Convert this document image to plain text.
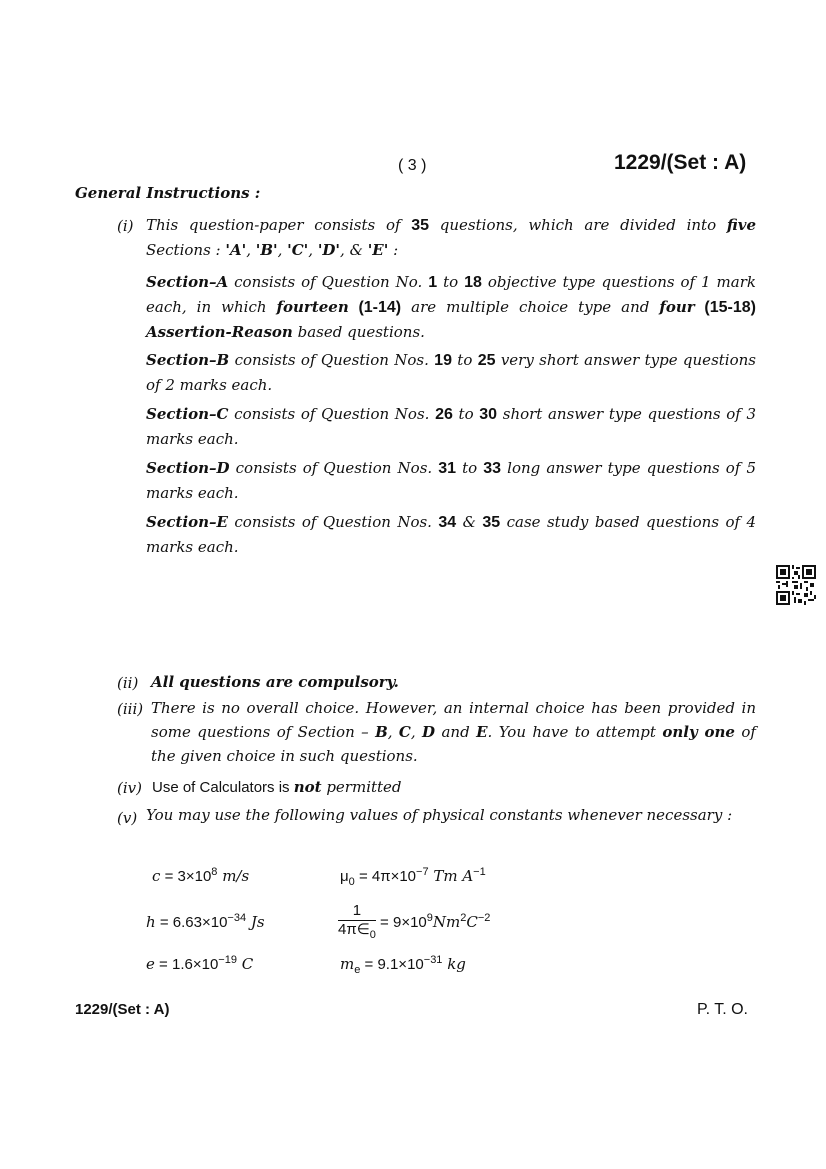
( 3 )	1229/(Set : A)
General Instructions :
(i) This question-paper consists of 35 questions, which are divided into five Sections : 'A', 'B', 'C', 'D', & 'E' :
Section–A consists of Question No. 1 to 18 objective type questions of 1 mark each, in which fourteen (1-14) are multiple choice type and four (15-18) Assertion-Reason based questions.
Section–B consists of Question Nos. 19 to 25 very short answer type questions of 2 marks each.
Section–C consists of Question Nos. 26 to 30 short answer type questions of 3 marks each.
Section–D consists of Question Nos. 31 to 33 long answer type questions of 5 marks each.
Section–E consists of Question Nos. 34 & 35 case study based questions of 4 marks each.
(ii) All questions are compulsory.
(iii) There is no overall choice. However, an internal choice has been provided in some questions of Section – B, C, D and E. You have to attempt only one of the given choice in such questions.
(iv) Use of Calculators is not permitted
(v) You may use the following values of physical constants whenever necessary :
$c = 3\times 10^8$ m/s	$\mu_0 = 4\pi\times 10^{-7}$ Tm $A^{-1}$
$h = 6.63\times 10^{-34}$ Js	$\frac{1}{4\pi\in_0} = 9\times 10^9Nm^2C^{-2}$
$e = 1.6\times 10^{-19}$ C	$m_e = 9.1\times 10^{-31}$ kg
1229/(Set : A)	P. T. O.
